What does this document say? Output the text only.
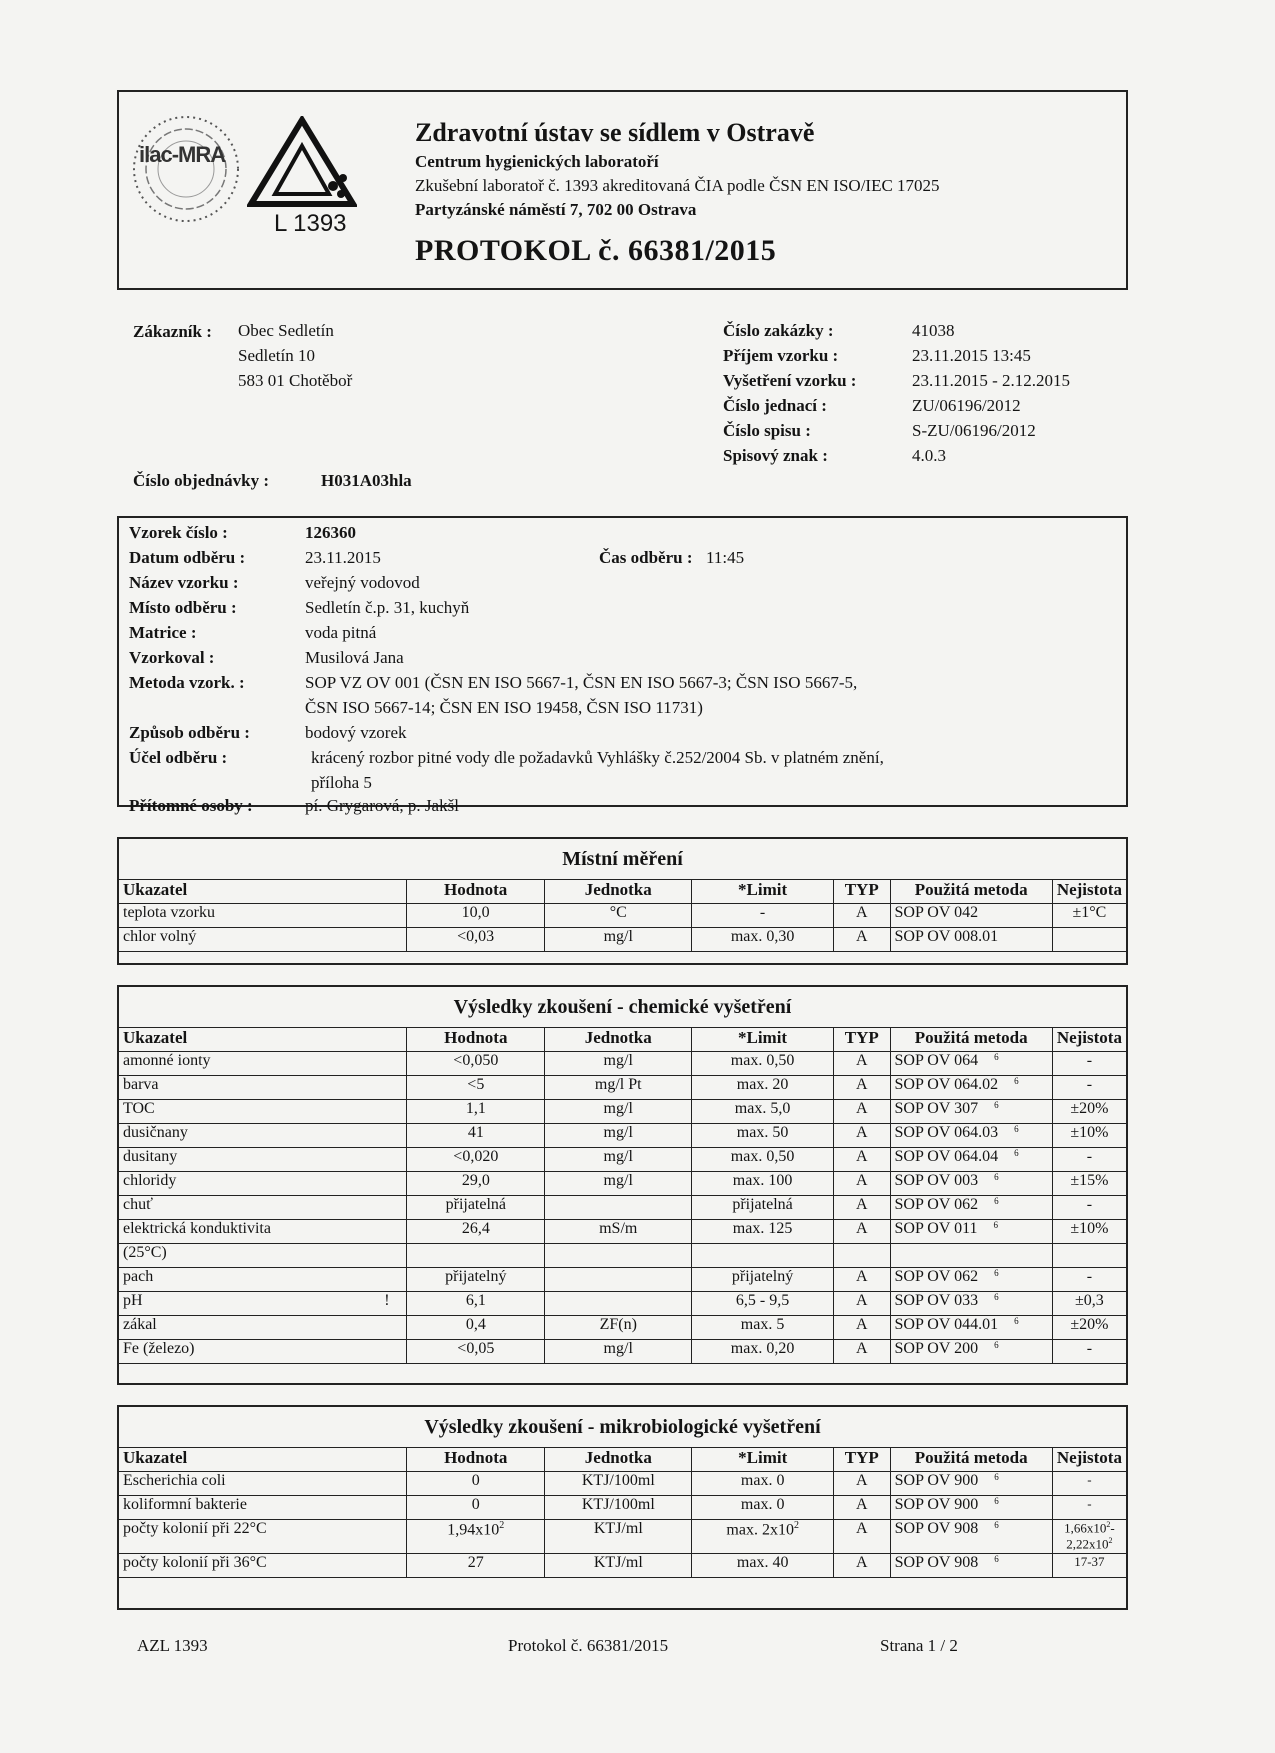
ilac-MRA
L 1393
Zdravotní ústav se sídlem v Ostravě
Centrum hygienických laboratoří
Zkušební laboratoř č. 1393 akreditovaná ČIA podle ČSN EN ISO/IEC 17025
Partyzánské náměstí 7, 702 00 Ostrava
PROTOKOL č. 66381/2015
Zákazník : Obec Sedletín
Sedletín 10
583 01 Chotěboř
Číslo objednávky :	H031A03hla
Číslo zakázky :	41038
Příjem vzorku :	23.11.2015 13:45
Vyšetření vzorku :	23.11.2015 - 2.12.2015
Číslo jednací :	ZU/06196/2012
Číslo spisu :	S-ZU/06196/2012
Spisový znak :	4.0.3
Vzorek číslo :	126360
Datum odběru :	23.11.2015	Čas odběru : 11:45
Název vzorku :	veřejný vodovod
Místo odběru :	Sedletín č.p. 31, kuchyň
Matrice :	voda pitná
Vzorkoval :	Musilová Jana
Metoda vzork. :	SOP VZ OV 001 (ČSN EN ISO 5667-1, ČSN EN ISO 5667-3; ČSN ISO 5667-5,
ČSN ISO 5667-14; ČSN EN ISO 19458, ČSN ISO 11731)
Způsob odběru :	bodový vzorek
Účel odběru :	krácený rozbor pitné vody dle požadavků Vyhlášky č.252/2004 Sb. v platném znění,
příloha 5
Přítomné osoby :	pí. Grygarová, p. Jakšl
Místní měření						
Ukazatel	Hodnota	Jednotka	*Limit	TYP	Použitá metoda	Nejistota
teplota vzorku	10,0	°C	-	A	SOP OV 042	±1°C
chlor volný	<0,03	mg/l	max. 0,30	A	SOP OV 008.01	
Výsledky zkoušení - chemické vyšetření							
Ukazatel		Hodnota	Jednotka	*Limit	TYP	Použitá metoda	Nejistota
amonné ionty		<0,050	mg/l	max. 0,50	A	SOP OV 064 $^6$	-
barva		<5	mg/l Pt	max. 20	A	SOP OV 064.02 $^6$	-
TOC		1,1	mg/l	max. 5,0	A	SOP OV 307 $^6$	±20%
dusičnany		41	mg/l	max. 50	A	SOP OV 064.03 $^6$	±10%
dusitany		<0,020	mg/l	max. 0,50	A	SOP OV 064.04 $^6$	-
chloridy		29,0	mg/l	max. 100	A	SOP OV 003 $^6$	±15%
chuť		přijatelná		přijatelná	A	SOP OV 062 $^6$	-
elektrická konduktivita		26,4	mS/m	max. 125	A	SOP OV 011 $^6$	±10%
(25°C)							
pach		přijatelný		přijatelný	A	SOP OV 062 $^6$	-
pH	!	6,1		6,5 - 9,5	A	SOP OV 033 $^6$	±0,3
zákal		0,4	ZF(n)	max. 5	A	SOP OV 044.01 $^6$	±20%
Fe (železo)		<0,05	mg/l	max. 0,20	A	SOP OV 200 $^6$	-
Výsledky zkoušení - mikrobiologické vyšetření						
Ukazatel	Hodnota	Jednotka	*Limit	TYP	Použitá metoda	Nejistota
Escherichia coli	0	KTJ/100ml	max. 0	A	SOP OV 900 $^6$	-

koliformní bakterie	0	KTJ/100ml	max. 0	A	SOP OV 900 $^6$	-

počty kolonií při 22°C	$1,94x10^2$	KTJ/ml	max. $2x10^2$	A	SOP OV 908 $^6$	$1,66x10^2-$
$2,22x10^2$

počty kolonií při 36°C	27	KTJ/ml	max. 40	A	SOP OV 908 $^6$	17-37
AZL 1393	Protokol č. 66381/2015	Strana 1 / 2
